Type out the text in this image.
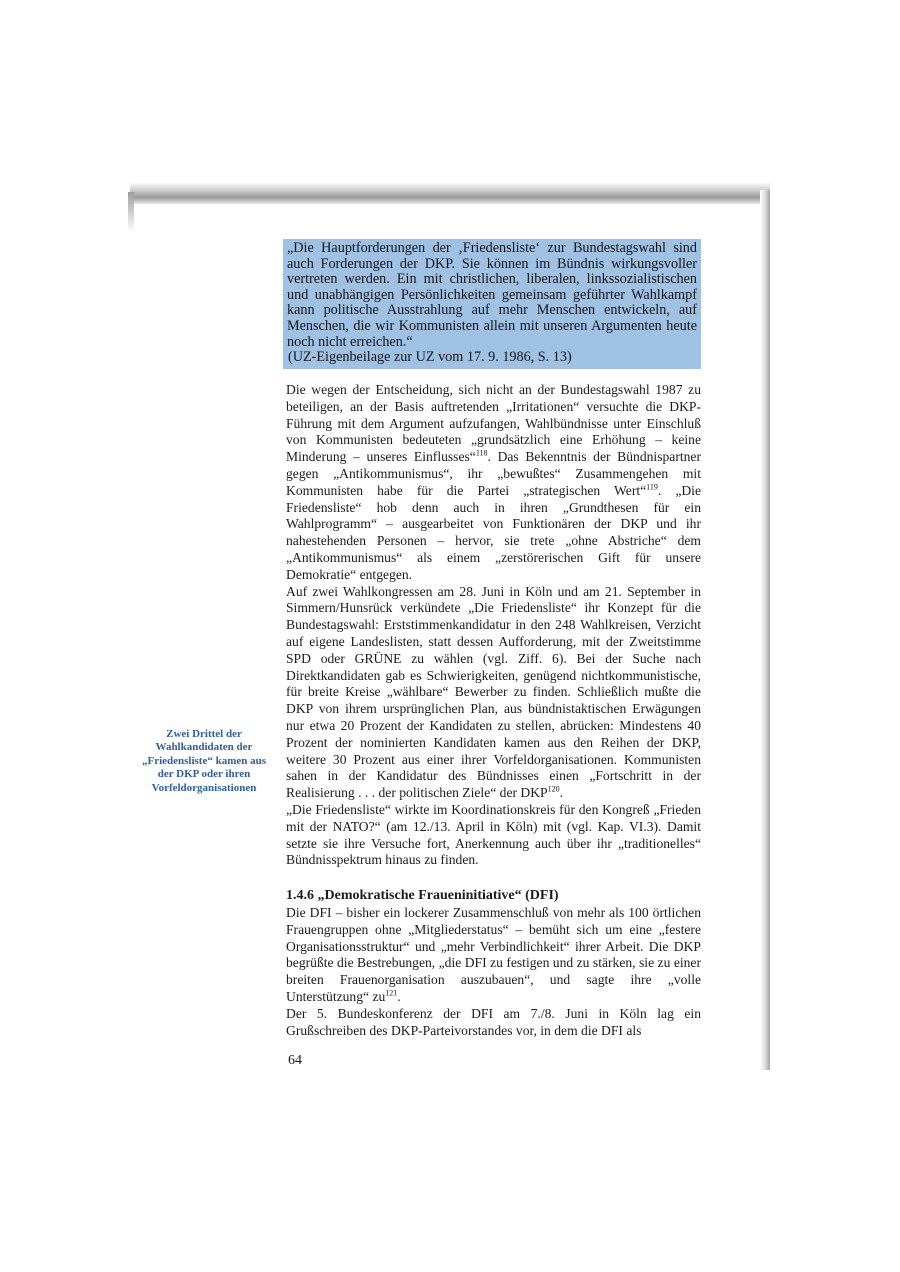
„Die Hauptforderungen der ‚Friedensliste‘ zur Bundestagswahl sind auch Forderungen der DKP. Sie können im Bündnis wirkungsvoller vertreten werden. Ein mit christlichen, liberalen, linkssozialistischen und unabhängigen Persönlichkeiten gemeinsam geführter Wahlkampf kann politische Ausstrahlung auf mehr Menschen entwickeln, auf Menschen, die wir Kommunisten allein mit unseren Argumenten heute noch nicht erreichen.“

(UZ-Eigenbeilage zur UZ vom 17. 9. 1986, S. 13)

Die wegen der Entscheidung, sich nicht an der Bundestagswahl 1987 zu beteiligen, an der Basis auftretenden „Irritationen“ versuchte die DKP-Führung mit dem Argument aufzufangen, Wahlbündnisse unter Einschluß von Kommunisten bedeuteten „grundsätzlich eine Erhöhung – keine Minderung – unseres Einflusses“$^{118}$. Das Bekenntnis der Bündnispartner gegen „Antikommunismus“, ihr „bewußtes“ Zusammengehen mit Kommunisten habe für die Partei „strategischen Wert“$^{119}$. „Die Friedensliste“ hob denn auch in ihren „Grundthesen für ein Wahlprogramm“ – ausgearbeitet von Funktionären der DKP und ihr nahestehenden Personen – hervor, sie trete „ohne Abstriche“ dem „Antikommunismus“ als einem „zerstörerischen Gift für unsere Demokratie“ entgegen.

Auf zwei Wahlkongressen am 28. Juni in Köln und am 21. September in Simmern/Hunsrück verkündete „Die Friedensliste“ ihr Konzept für die Bundestagswahl: Erststimmenkandidatur in den 248 Wahlkreisen, Verzicht auf eigene Landeslisten, statt dessen Aufforderung, mit der Zweitstimme SPD oder GRÜNE zu wählen (vgl. Ziff. 6). Bei der Suche nach Direktkandidaten gab es Schwierigkeiten, genügend nichtkommunistische, für breite Kreise „wählbare“ Bewerber zu finden. Schließlich mußte die DKP von ihrem ursprünglichen Plan, aus bündnistaktischen Erwägungen nur etwa 20 Prozent der Kandidaten zu stellen, abrücken: Mindestens 40 Prozent der nominierten Kandidaten kamen aus den Reihen der DKP, weitere 30 Prozent aus einer ihrer Vorfeldorganisationen. Kommunisten sahen in der Kandidatur des Bündnisses einen „Fortschritt in der Realisierung . . . der politischen Ziele“ der DKP$^{120}$.

„Die Friedensliste“ wirkte im Koordinationskreis für den Kongreß „Frieden mit der NATO?“ (am 12./13. April in Köln) mit (vgl. Kap. VI.3). Damit setzte sie ihre Versuche fort, Anerkennung auch über ihr „traditionelles“ Bündnisspektrum hinaus zu finden.

1.4.6 „Demokratische Fraueninitiative“ (DFI)

Die DFI – bisher ein lockerer Zusammenschluß von mehr als 100 örtlichen Frauengruppen ohne „Mitgliederstatus“ – bemüht sich um eine „festere Organisationsstruktur“ und „mehr Verbindlichkeit“ ihrer Arbeit. Die DKP begrüßte die Bestrebungen, „die DFI zu festigen und zu stärken, sie zu einer breiten Frauenorganisation auszubauen“, und sagte ihre „volle Unterstützung“ $zu^{121}$.

Der 5. Bundeskonferenz der DFI am 7./8. Juni in Köln lag ein Grußschreiben des DKP-Parteivorstandes vor, in dem die DFI als

Zwei Drittel der Wahlkandidaten der „Friedensliste“ kamen aus der DKP oder ihren Vorfeldorganisationen

64
